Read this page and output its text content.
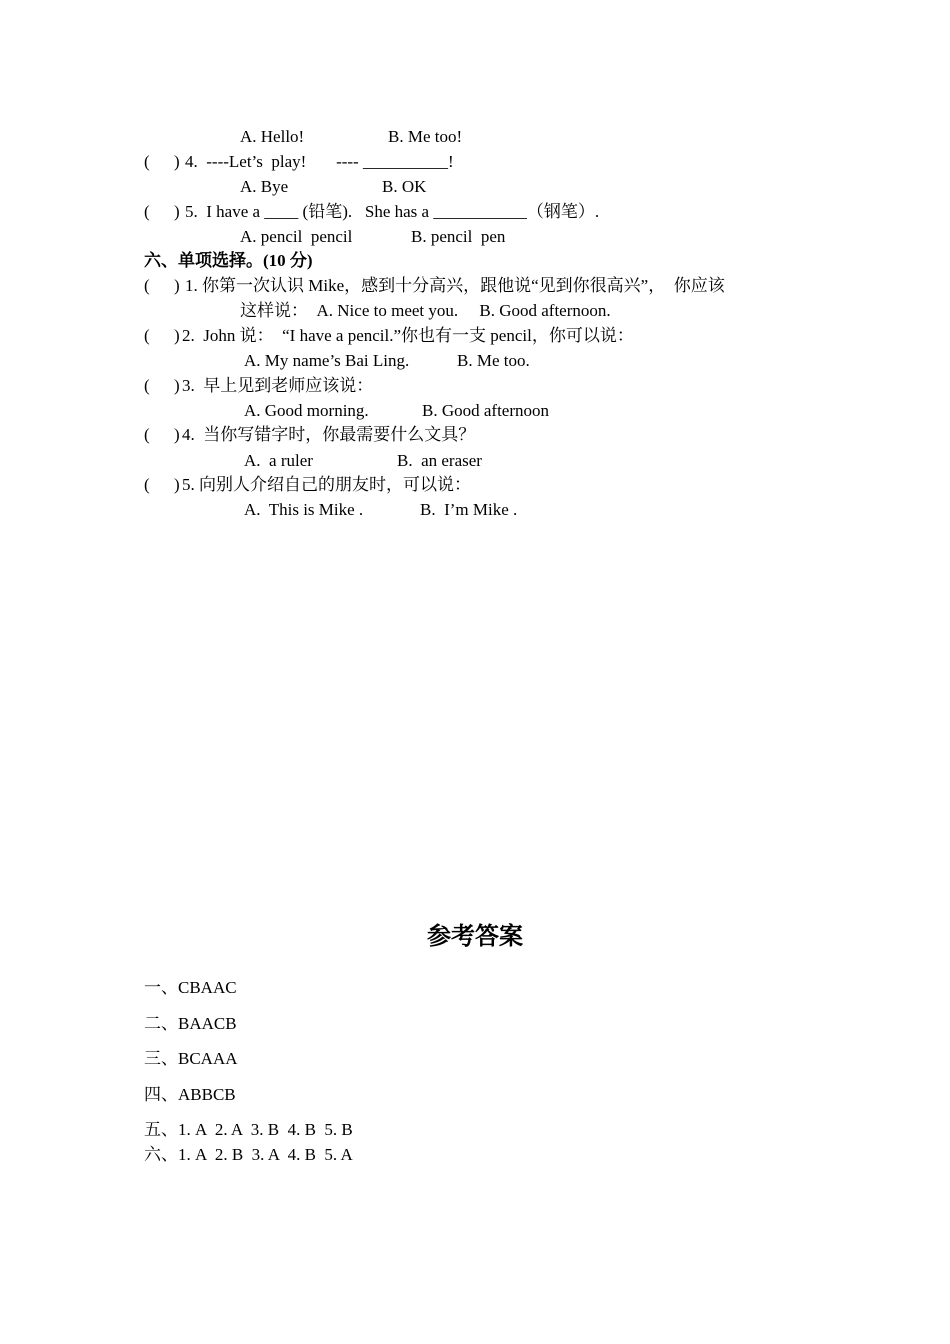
A. Hello!	B. Me too!
( ) 4.  ----Let’s  play!       ---- __________!
A. Bye	B. OK
( ) 5.  I have a ____ (铅笔).   She has a ___________（钢笔）.
A. pencil  pencil	B. pencil  pen
六、单项选择。(10 分)
( ) 1. 你第一次认识 Mike，感到十分高兴，跟他说“见到你很高兴”，  你应该
这样说：  A. Nice to meet you.     B. Good afternoon.
( ) 2.  John 说：  “I have a pencil.”你也有一支 pencil，你可以说：
A. My name’s Bai Ling.	B. Me too.
( ) 3.  早上见到老师应该说：
A. Good morning.	B. Good afternoon
( ) 4.  当你写错字时，你最需要什么文具？
A.  a ruler	B.  an eraser
( ) 5. 向别人介绍自己的朋友时，可以说：
A.  This is Mike .	B.  I’m Mike .
参考答案
一、CBAAC
二、BAACB
三、BCAAA
四、ABBCB
五、1. A  2. A  3. B  4. B  5. B
六、1. A  2. B  3. A  4. B  5. A
